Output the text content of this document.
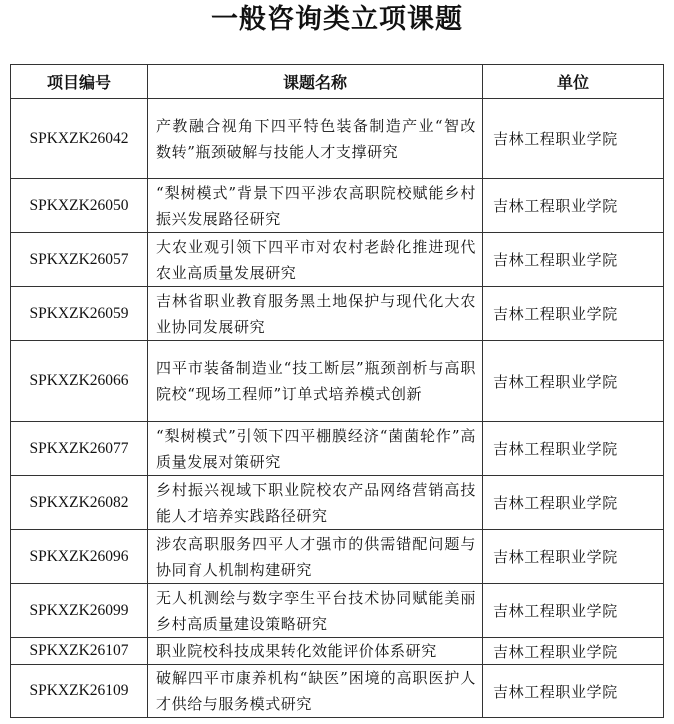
一般咨询类立项课题
项目编号	课题名称	单位
SPKXZK26042	产教融合视角下四平特色装备制造产业“智改数转”瓶颈破解与技能人才支撑研究	吉林工程职业学院
SPKXZK26050	“梨树模式”背景下四平涉农高职院校赋能乡村振兴发展路径研究	吉林工程职业学院
SPKXZK26057	大农业观引领下四平市对农村老龄化推进现代农业高质量发展研究	吉林工程职业学院
SPKXZK26059	吉林省职业教育服务黑土地保护与现代化大农业协同发展研究	吉林工程职业学院
SPKXZK26066	四平市装备制造业“技工断层”瓶颈剖析与高职院校“现场工程师”订单式培养模式创新	吉林工程职业学院
SPKXZK26077	“梨树模式”引领下四平棚膜经济“菌菌轮作”高质量发展对策研究	吉林工程职业学院
SPKXZK26082	乡村振兴视域下职业院校农产品网络营销高技能人才培养实践路径研究	吉林工程职业学院
SPKXZK26096	涉农高职服务四平人才强市的供需错配问题与协同育人机制构建研究	吉林工程职业学院
SPKXZK26099	无人机测绘与数字孪生平台技术协同赋能美丽乡村高质量建设策略研究	吉林工程职业学院
SPKXZK26107	职业院校科技成果转化效能评价体系研究	吉林工程职业学院
SPKXZK26109	破解四平市康养机构“缺医”困境的高职医护人才供给与服务模式研究	吉林工程职业学院
